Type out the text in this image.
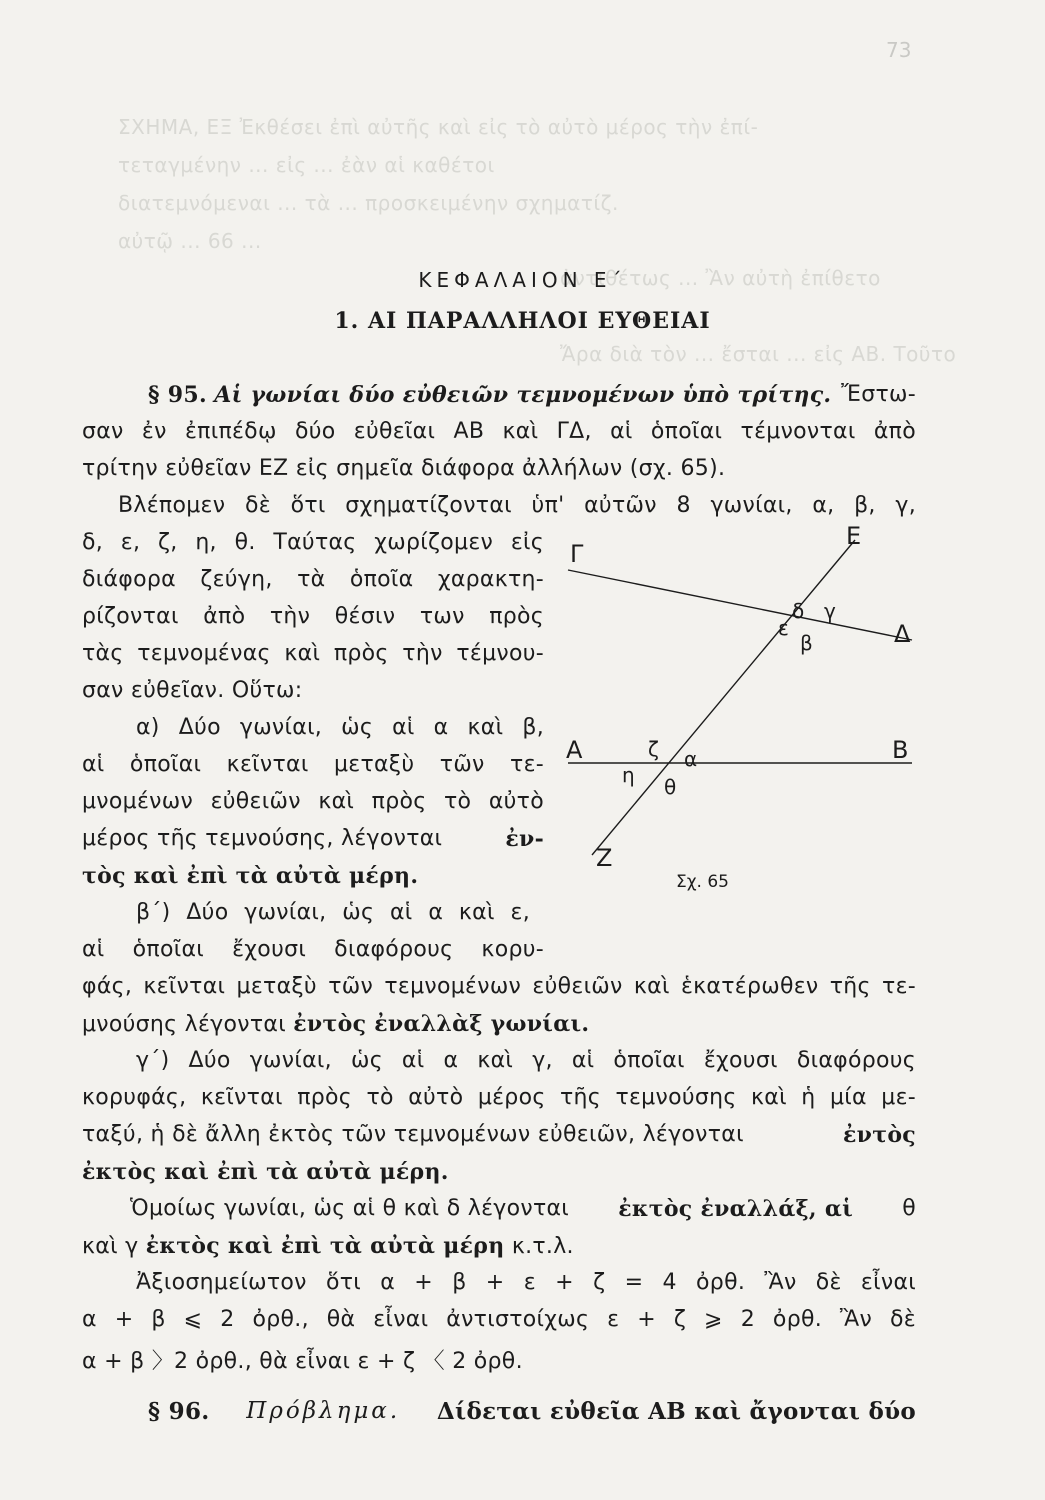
73
ΣΧΗΜΑ, ΕΞ Ἐκθέσει ἐπὶ αὐτῆς καὶ εἰς τὸ αὐτὸ μέρος τὴν ἐπί-
τεταγμένην ... εἰς ... ἐὰν αἱ καθέτοι
διατεμνόμεναι ... τὰ ... προσκειμένην σχηματίζ.
αὐτῷ ... 66 ...
ἀντιθέτως ... Ἂν αὐτὴ ἐπίθετο
Ἄρα διὰ τὸν ... ἔσται ... εἰς ΑΒ. Τοῦτο
ΚΕΦΑΛΑΙΟΝ Ε΄
1. ΑΙ ΠΑΡΑΛΛΗΛΟΙ ΕΥΘΕΙΑΙ
§ 95. Αἱ γωνίαι δύο εὐθειῶν τεμνομένων ὑπὸ τρίτης. Ἔστω-
σαν ἐν ἐπιπέδῳ δύο εὐθεῖαι ΑΒ καὶ ΓΔ, αἱ ὁποῖαι τέμνονται ἀπὸ
τρίτην εὐθεῖαν ΕΖ εἰς σημεῖα διάφορα ἀλλήλων (σχ. 65).
Βλέπομεν δὲ ὅτι σχηματίζονται ὑπ' αὐτῶν 8 γωνίαι, α, β, γ,
δ, ε, ζ, η, θ. Ταύτας χωρίζομεν εἰς
διάφορα ζεύγη, τὰ ὁποῖα χαρακτη-
ρίζονται ἀπὸ τὴν θέσιν των πρὸς
τὰς τεμνομένας καὶ πρὸς τὴν τέμνου-
σαν εὐθεῖαν. Οὕτω:
α) Δύο γωνίαι, ὡς αἱ α καὶ β,
αἱ ὁποῖαι κεῖνται μεταξὺ τῶν τε-
μνομένων εὐθειῶν καὶ πρὸς τὸ αὐτὸ
μέρος τῆς τεμνούσης, λέγονται	ἐν-
τὸς καὶ ἐπὶ τὰ αὐτὰ μέρη.
β΄) Δύο γωνίαι, ὡς αἱ α καὶ ε,
αἱ ὁποῖαι ἔχουσι διαφόρους κορυ-
φάς, κεῖνται μεταξὺ τῶν τεμνομένων εὐθειῶν καὶ ἑκατέρωθεν τῆς τε-
μνούσης λέγονται ἐντὸς ἐναλλὰξ γωνίαι.
γ΄) Δύο γωνίαι, ὡς αἱ α καὶ γ, αἱ ὁποῖαι ἔχουσι διαφόρους
κορυφάς, κεῖνται πρὸς τὸ αὐτὸ μέρος τῆς τεμνούσης καὶ ἡ μία με-
ταξύ, ἡ δὲ ἄλλη ἐκτὸς τῶν τεμνομένων εὐθειῶν, λέγονται	ἐντὸς
ἐκτὸς καὶ ἐπὶ τὰ αὐτὰ μέρη.
Ὁμοίως γωνίαι, ὡς αἱ θ καὶ δ λέγονται ἐκτὸς ἐναλλάξ, αἱ θ
καὶ γ ἐκτὸς καὶ ἐπὶ τὰ αὐτὰ μέρη κ.τ.λ.
Ἀξιοσημείωτον ὅτι α + β + ε + ζ = 4 ὀρθ. Ἂν δὲ εἶναι
α + β ⩽ 2 ὀρθ., θὰ εἶναι ἀντιστοίχως ε + ζ ⩾ 2 ὀρθ. Ἂν δὲ
α + β 〉2 ὀρθ., θὰ εἶναι ε + ζ 〈 2 ὀρθ.
§ 96. Πρόβλημα. Δίδεται εὐθεῖα ΑΒ καὶ ἄγονται δύο
Γ
Ε
Δ
Α	Β
Ζ
δ γ
ε
β
ζ α
η θ
Σχ. 65
